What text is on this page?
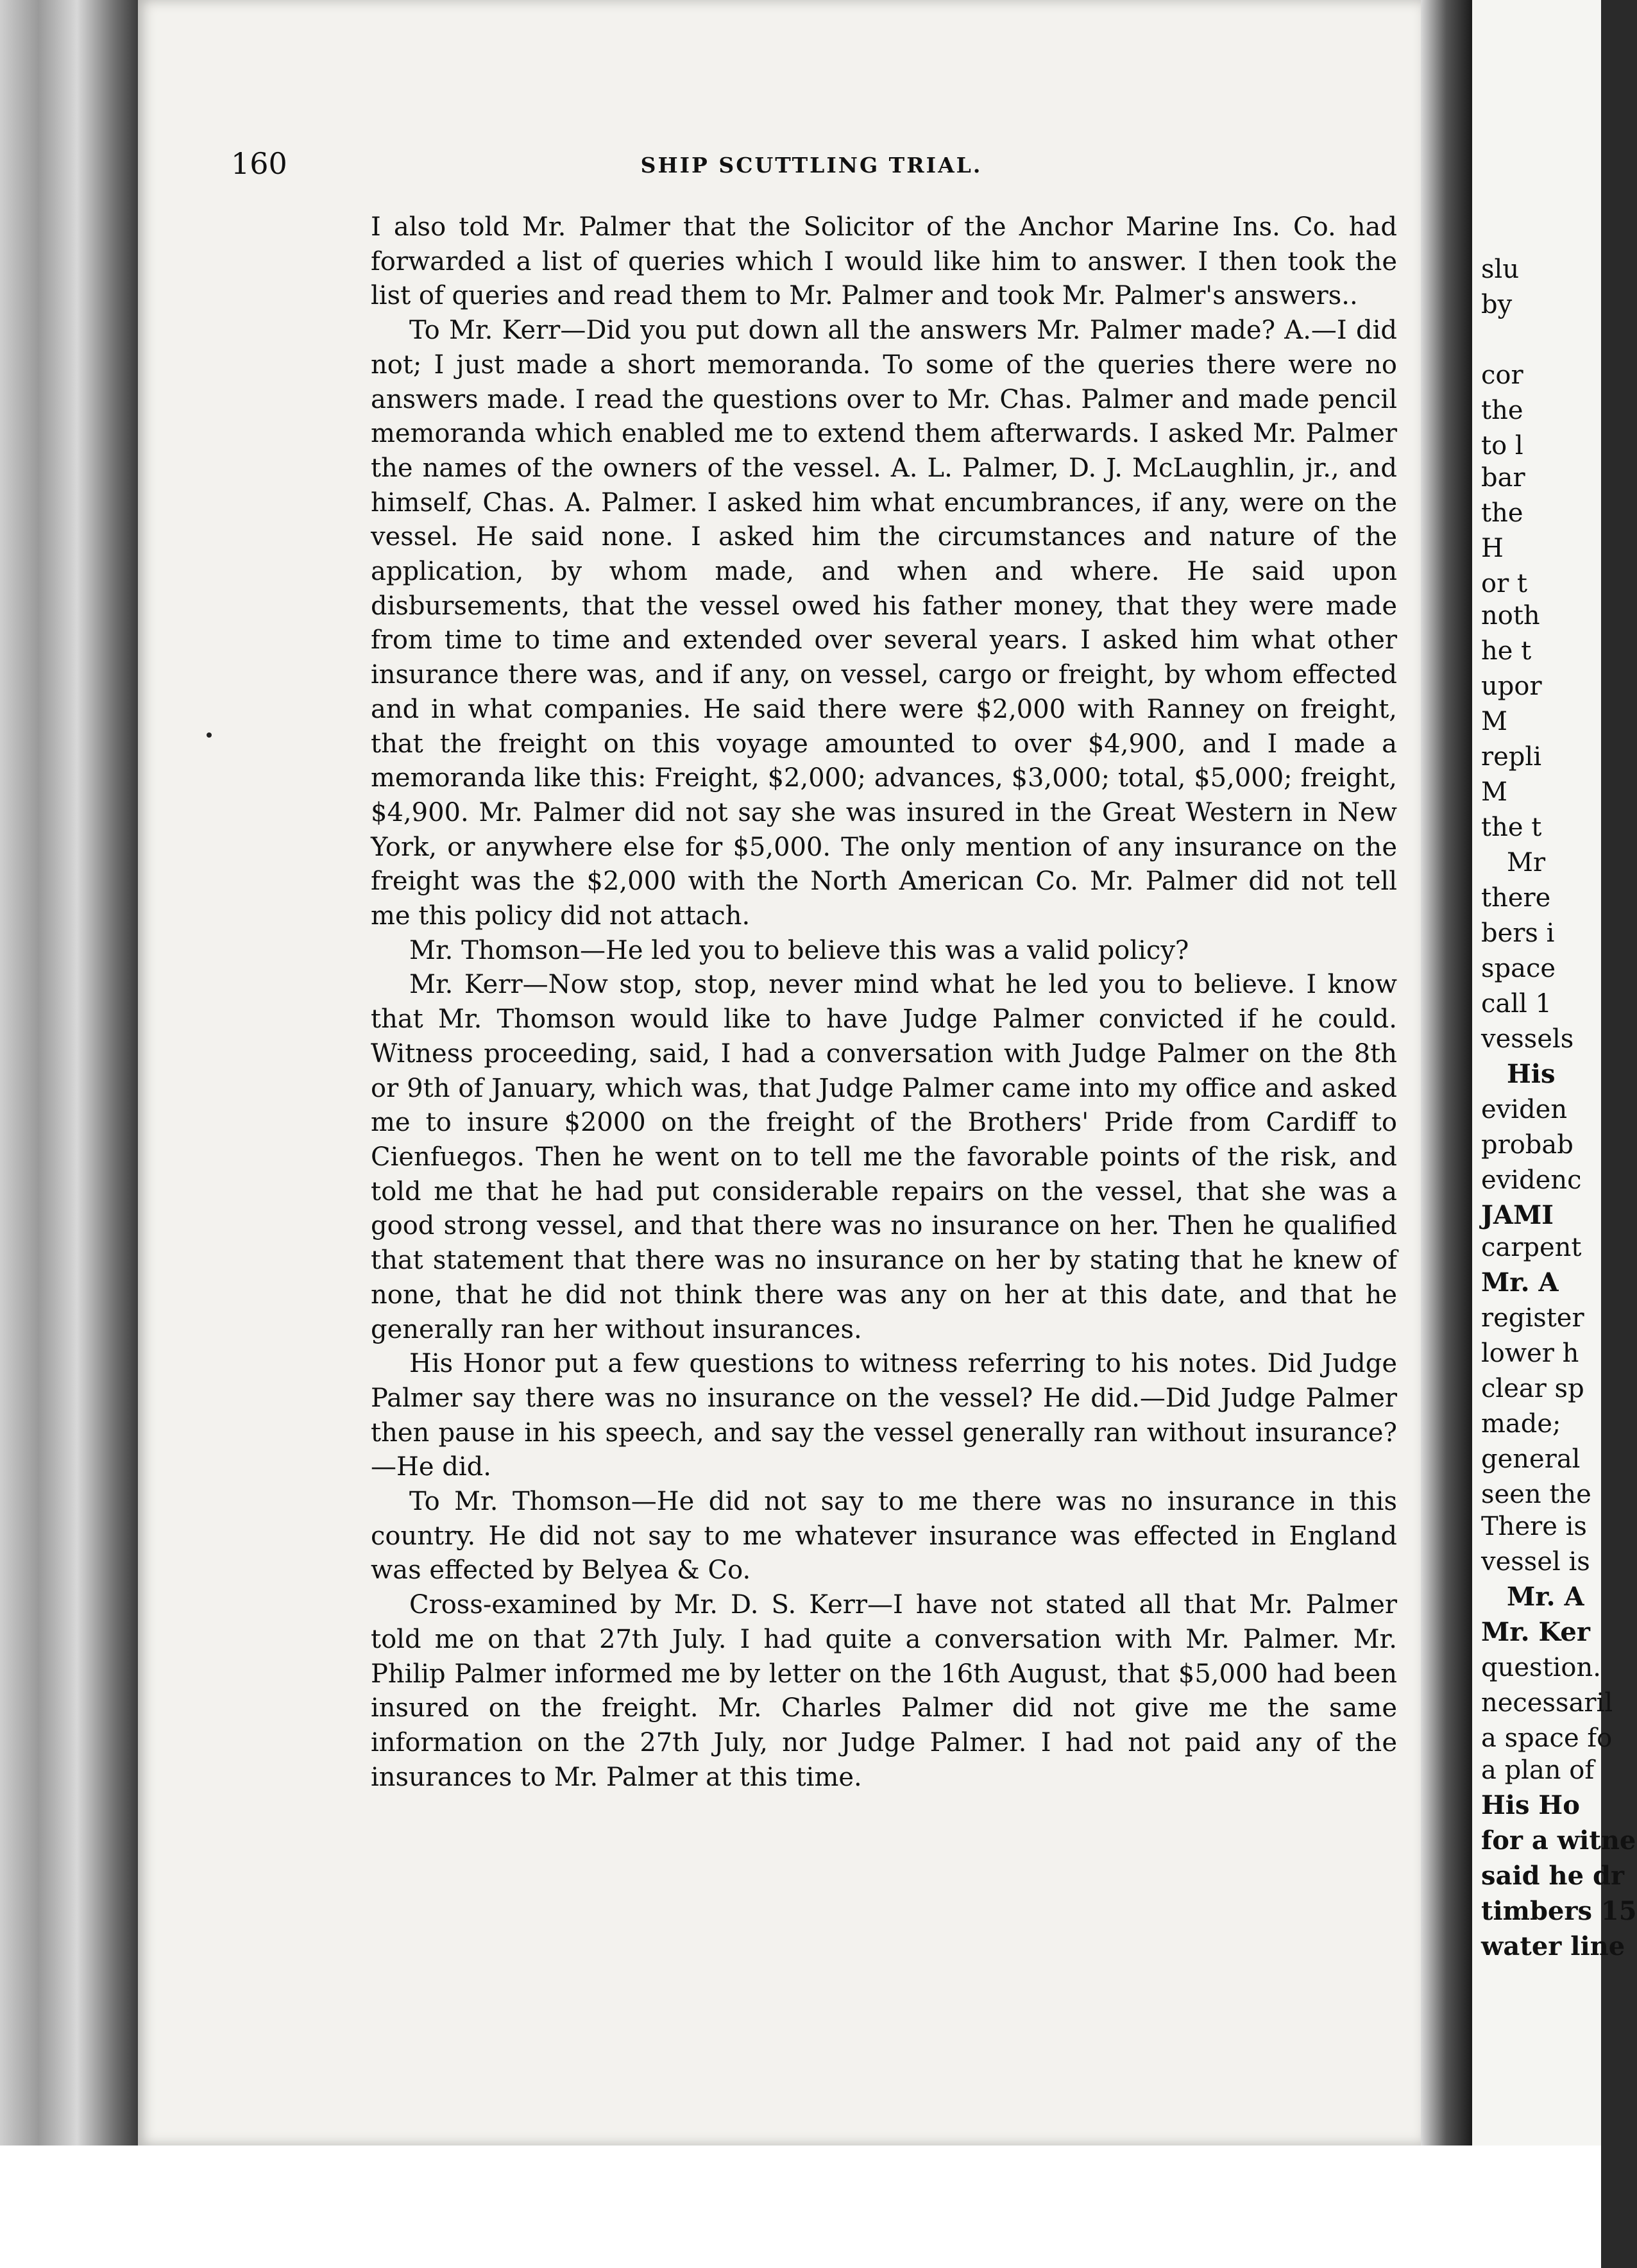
160	SHIP SCUTTLING TRIAL.

I also told Mr. Palmer that the Solicitor of the Anchor Marine Ins. Co. had forwarded a list of queries which I would like him to answer. I then took the list of queries and read them to Mr. Palmer and took Mr. Palmer's answers..

To Mr. Kerr—Did you put down all the answers Mr. Palmer made? A.—I did not; I just made a short memoranda. To some of the queries there were no answers made. I read the questions over to Mr. Chas. Palmer and made pencil memoranda which enabled me to extend them afterwards. I asked Mr. Palmer the names of the owners of the vessel. A. L. Palmer, D. J. McLaughlin, jr., and himself, Chas. A. Palmer. I asked him what encumbrances, if any, were on the vessel. He said none. I asked him the circumstances and nature of the application, by whom made, and when and where. He said upon disbursements, that the vessel owed his father money, that they were made from time to time and extended over several years. I asked him what other insurance there was, and if any, on vessel, cargo or freight, by whom effected and in what companies. He said there were $2,000 with Ranney on freight, that the freight on this voyage amounted to over $4,900, and I made a memoranda like this: Freight, $2,000; advances, $3,000; total, $5,000; freight, $4,900. Mr. Palmer did not say she was insured in the Great Western in New York, or anywhere else for $5,000. The only mention of any insurance on the freight was the $2,000 with the North American Co. Mr. Palmer did not tell me this policy did not attach.

Mr. Thomson—He led you to believe this was a valid policy?

Mr. Kerr—Now stop, stop, never mind what he led you to believe. I know that Mr. Thomson would like to have Judge Palmer convicted if he could. Witness proceeding, said, I had a conversation with Judge Palmer on the 8th or 9th of January, which was, that Judge Palmer came into my office and asked me to insure $2000 on the freight of the Brothers' Pride from Cardiff to Cienfuegos. Then he went on to tell me the favorable points of the risk, and told me that he had put considerable repairs on the vessel, that she was a good strong vessel, and that there was no insurance on her. Then he qualified that statement that there was no insurance on her by stating that he knew of none, that he did not think there was any on her at this date, and that he generally ran her without insurances.

His Honor put a few questions to witness referring to his notes. Did Judge Palmer say there was no insurance on the vessel? He did.—Did Judge Palmer then pause in his speech, and say the vessel generally ran without insurance?—He did.

To Mr. Thomson—He did not say to me there was no insurance in this country. He did not say to me whatever insurance was effected in England was effected by Belyea & Co.

Cross-examined by Mr. D. S. Kerr—I have not stated all that Mr. Palmer told me on that 27th July. I had quite a conversation with Mr. Palmer. Mr. Philip Palmer informed me by letter on the 16th August, that $5,000 had been insured on the freight. Mr. Charles Palmer did not give me the same information on the 27th July, nor Judge Palmer. I had not paid any of the insurances to Mr. Palmer at this time.

slu
by
cor
the
to l
bar
the
H
or t
noth
he t
upor
M
repli
M
the t
Mr
there
bers i
space
call 1
vessels
His
eviden
probab
evidenc
JAMI
carpent
Mr. A
register
lower h
clear sp
made;
general
seen the
There is
vessel is
Mr. A
Mr. Ker
question.
necessaril
a space fo
a plan of
His Ho
for a witne
said he dr
timbers 15
water line
